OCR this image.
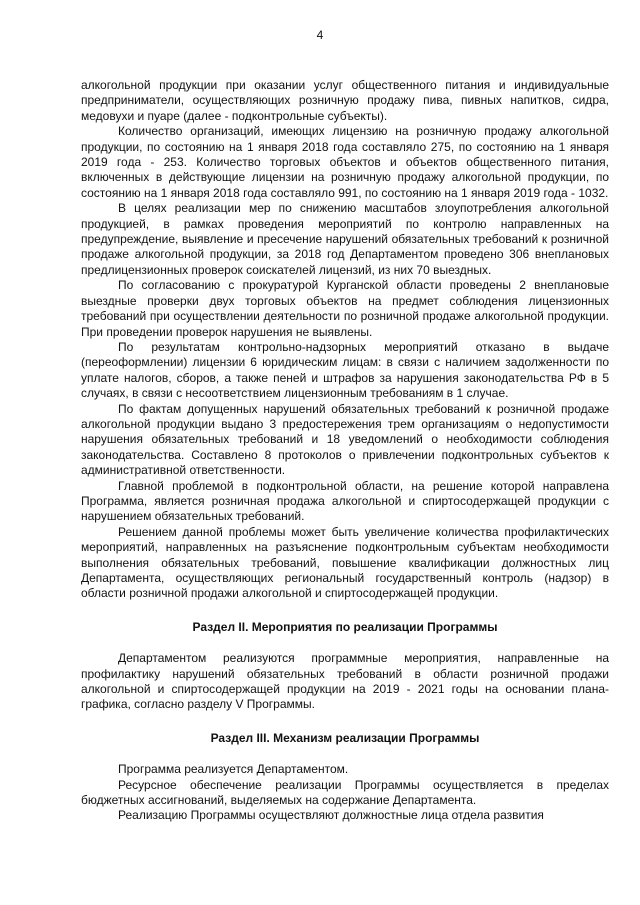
4

алкогольной продукции при оказании услуг общественного питания и индивидуальные предприниматели, осуществляющих розничную продажу пива, пивных напитков, сидра, медовухи и пуаре (далее - подконтрольные субъекты).

Количество организаций, имеющих лицензию на розничную продажу алкогольной продукции, по состоянию на 1 января 2018 года составляло 275, по состоянию на 1 января 2019 года - 253. Количество торговых объектов и объектов общественного питания, включенных в действующие лицензии на розничную продажу алкогольной продукции, по состоянию на 1 января 2018 года составляло 991, по состоянию на 1 января 2019 года - 1032.

В целях реализации мер по снижению масштабов злоупотребления алкогольной продукцией, в рамках проведения мероприятий по контролю направленных на предупреждение, выявление и пресечение нарушений обязательных требований к розничной продаже алкогольной продукции, за 2018 год Департаментом проведено 306 внеплановых предлицензионных проверок соискателей лицензий, из них 70 выездных.

По согласованию с прокуратурой Курганской области проведены 2 внеплановые выездные проверки двух торговых объектов на предмет соблюдения лицензионных требований при осуществлении деятельности по розничной продаже алкогольной продукции. При проведении проверок нарушения не выявлены.

По результатам контрольно-надзорных мероприятий отказано в выдаче (переоформлении) лицензии 6 юридическим лицам: в связи с наличием задолженности по уплате налогов, сборов, а также пеней и штрафов за нарушения законодательства РФ в 5 случаях, в связи с несоответствием лицензионным требованиям в 1 случае.

По фактам допущенных нарушений обязательных требований к розничной продаже алкогольной продукции выдано 3 предостережения трем организациям о недопустимости нарушения обязательных требований и 18 уведомлений о необходимости соблюдения законодательства. Составлено 8 протоколов о привлечении подконтрольных субъектов к административной ответственности.

Главной проблемой в подконтрольной области, на решение которой направлена Программа, является розничная продажа алкогольной и спиртосодержащей продукции с нарушением обязательных требований.

Решением данной проблемы может быть увеличение количества профилактических мероприятий, направленных на разъяснение подконтрольным субъектам необходимости выполнения обязательных требований, повышение квалификации должностных лиц Департамента, осуществляющих региональный государственный контроль (надзор) в области розничной продажи алкогольной и спиртосодержащей продукции.

Раздел II. Мероприятия по реализации Программы

Департаментом реализуются программные мероприятия, направленные на профилактику нарушений обязательных требований в области розничной продажи алкогольной и спиртосодержащей продукции на 2019 - 2021 годы на основании плана-графика, согласно разделу V Программы.

Раздел III. Механизм реализации Программы

Программа реализуется Департаментом.

Ресурсное обеспечение реализации Программы осуществляется в пределах бюджетных ассигнований, выделяемых на содержание Департамента.

Реализацию Программы осуществляют должностные лица отдела развития
